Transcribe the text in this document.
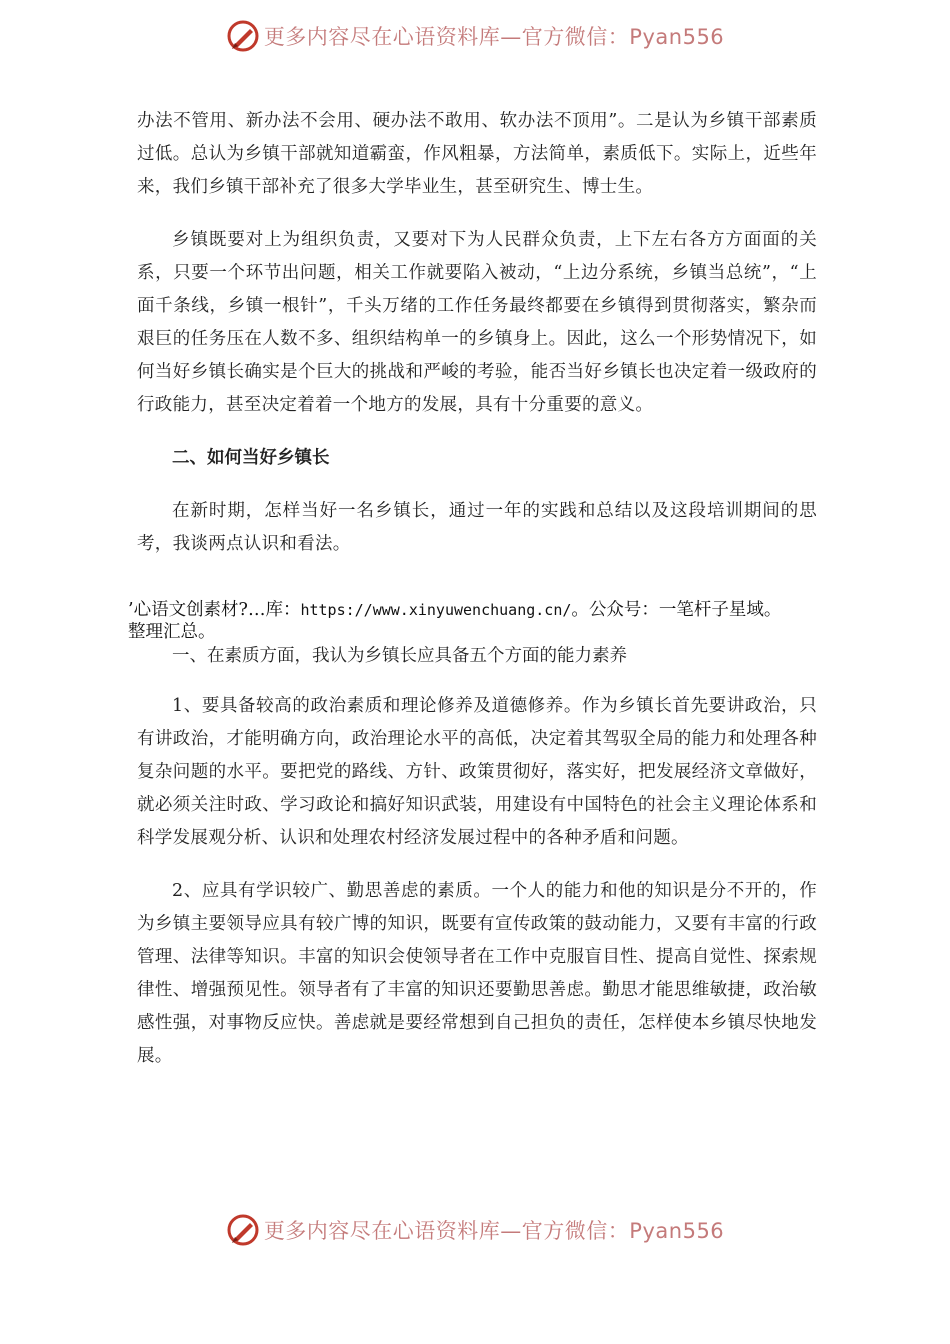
更多内容尽在心语资料库—官方微信：Pyan556

办法不管用、新办法不会用、硬办法不敢用、软办法不顶用”。二是认为乡镇干部素质过低。总认为乡镇干部就知道霸蛮，作风粗暴，方法简单，素质低下。实际上，近些年来，我们乡镇干部补充了很多大学毕业生，甚至研究生、博士生。

乡镇既要对上为组织负责，又要对下为人民群众负责，上下左右各方方面面的关系，只要一个环节出问题，相关工作就要陷入被动，“上边分系统，乡镇当总统”，“上面千条线，乡镇一根针”，千头万绪的工作任务最终都要在乡镇得到贯彻落实，繁杂而艰巨的任务压在人数不多、组织结构单一的乡镇身上。因此，这么一个形势情况下，如何当好乡镇长确实是个巨大的挑战和严峻的考验，能否当好乡镇长也决定着一级政府的行政能力，甚至决定着着一个地方的发展，具有十分重要的意义。

二、如何当好乡镇长

在新时期，怎样当好一名乡镇长，通过一年的实践和总结以及这段培训期间的思考，我谈两点认识和看法。

’心语文创素材?…库：https://www.xinyuwenchuang.cn/。公众号：一笔杆子星域。
整理汇总。
一、在素质方面，我认为乡镇长应具备五个方面的能力素养

1、要具备较高的政治素质和理论修养及道德修养。作为乡镇长首先要讲政治，只有讲政治，才能明确方向，政治理论水平的高低，决定着其驾驭全局的能力和处理各种复杂问题的水平。要把党的路线、方针、政策贯彻好，落实好，把发展经济文章做好，就必须关注时政、学习政论和搞好知识武装，用建设有中国特色的社会主义理论体系和科学发展观分析、认识和处理农村经济发展过程中的各种矛盾和问题。

2、应具有学识较广、勤思善虑的素质。一个人的能力和他的知识是分不开的，作为乡镇主要领导应具有较广博的知识，既要有宣传政策的鼓动能力，又要有丰富的行政管理、法律等知识。丰富的知识会使领导者在工作中克服盲目性、提高自觉性、探索规律性、增强预见性。领导者有了丰富的知识还要勤思善虑。勤思才能思维敏捷，政治敏感性强，对事物反应快。善虑就是要经常想到自己担负的责任，怎样使本乡镇尽快地发展。

更多内容尽在心语资料库—官方微信：Pyan556
